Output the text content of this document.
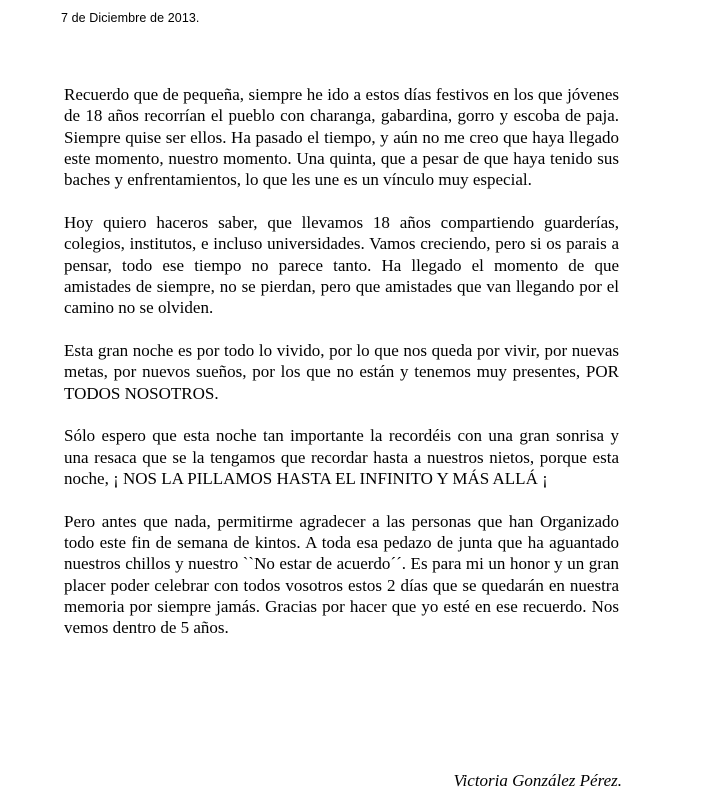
7 de Diciembre de 2013.

Recuerdo que de pequeña, siempre he ido a estos días festivos en los que jóvenes de 18 años recorrían el pueblo con charanga, gabardina, gorro y escoba de paja. Siempre quise ser ellos. Ha pasado el tiempo, y aún no me creo que haya llegado este momento, nuestro momento. Una quinta, que a pesar de que haya tenido sus baches y enfrentamientos, lo que les une es un vínculo muy especial.

Hoy quiero haceros saber, que llevamos 18 años compartiendo guarderías, colegios, institutos, e incluso universidades. Vamos creciendo, pero si os parais a pensar, todo ese tiempo no parece tanto. Ha llegado el momento de que amistades de siempre, no se pierdan, pero que amistades que van llegando por el camino no se olviden.

Esta gran noche es por todo lo vivido, por lo que nos queda por vivir, por nuevas metas, por nuevos sueños, por los que no están y tenemos muy presentes, POR TODOS NOSOTROS.

Sólo espero que esta noche tan importante la recordéis con una gran sonrisa y una resaca que se la tengamos que recordar hasta a nuestros nietos, porque esta noche, ¡ NOS LA PILLAMOS HASTA EL INFINITO Y MÁS ALLÁ ¡

Pero antes que nada, permitirme agradecer a las personas que han Organizado todo este fin de semana de kintos. A toda esa pedazo de junta que ha aguantado nuestros chillos y nuestro ``No estar de acuerdo´´. Es para mi un honor y un gran placer poder celebrar con todos vosotros estos 2 días que se quedarán en nuestra memoria por siempre jamás. Gracias por hacer que yo esté en ese recuerdo. Nos vemos dentro de 5 años.

Victoria González Pérez.
